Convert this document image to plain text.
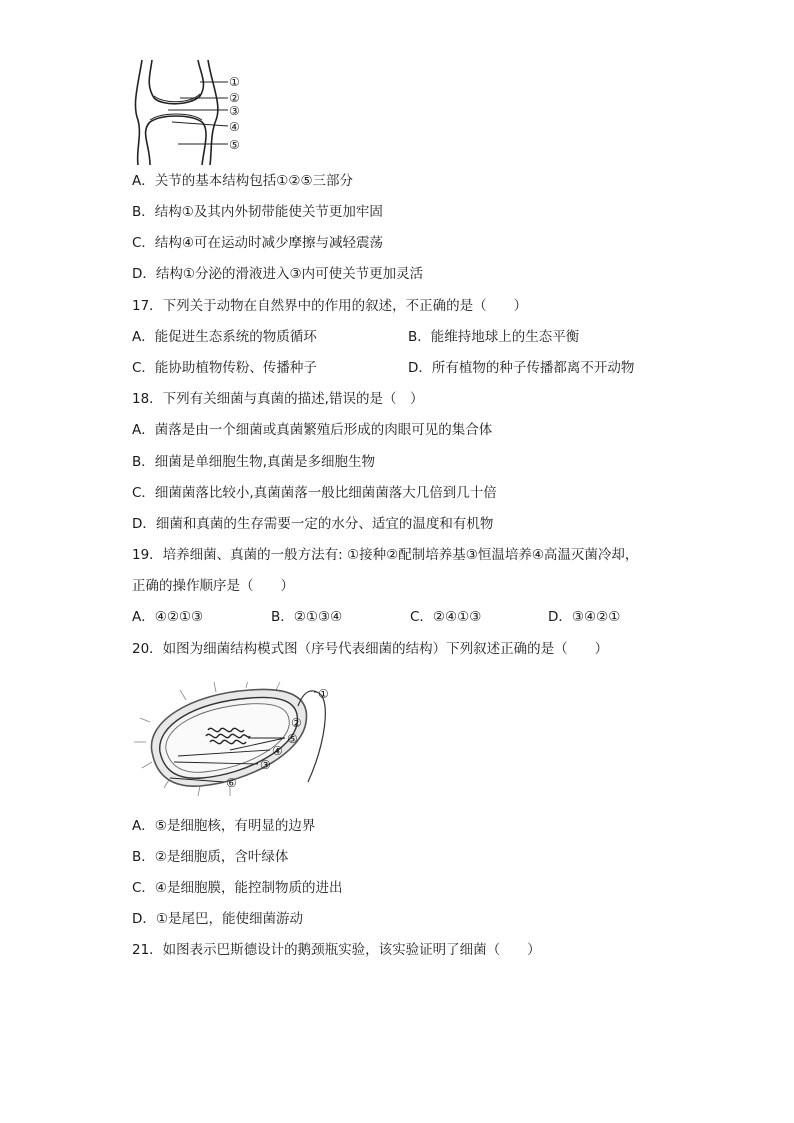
①
②
③
④
⑤
A．关节的基本结构包括①②⑤三部分
B．结构①及其内外韧带能使关节更加牢固
C．结构④可在运动时减少摩擦与减轻震荡
D．结构①分泌的滑液进入③内可使关节更加灵活
17．下列关于动物在自然界中的作用的叙述，不正确的是（　　）
A．能促进生态系统的物质循环	B．能维持地球上的生态平衡
C．能协助植物传粉、传播种子	D．所有植物的种子传播都离不开动物
18．下列有关细菌与真菌的描述,错误的是（　）
A．菌落是由一个细菌或真菌繁殖后形成的肉眼可见的集合体
B．细菌是单细胞生物,真菌是多细胞生物
C．细菌菌落比较小,真菌菌落一般比细菌菌落大几倍到几十倍
D．细菌和真菌的生存需要一定的水分、适宜的温度和有机物
19．培养细菌、真菌的一般方法有: ①接种②配制培养基③恒温培养④高温灭菌冷却，
正确的操作顺序是（　　）
A．④②①③	B．②①③④	C．②④①③	D．③④②①
20．如图为细菌结构模式图（序号代表细菌的结构）下列叙述正确的是（　　）
①
②
⑤
④
③
⑥
A．⑤是细胞核，有明显的边界
B．②是细胞质，含叶绿体
C．④是细胞膜，能控制物质的进出
D．①是尾巴，能使细菌游动
21．如图表示巴斯德设计的鹅颈瓶实验，该实验证明了细菌（　　）
